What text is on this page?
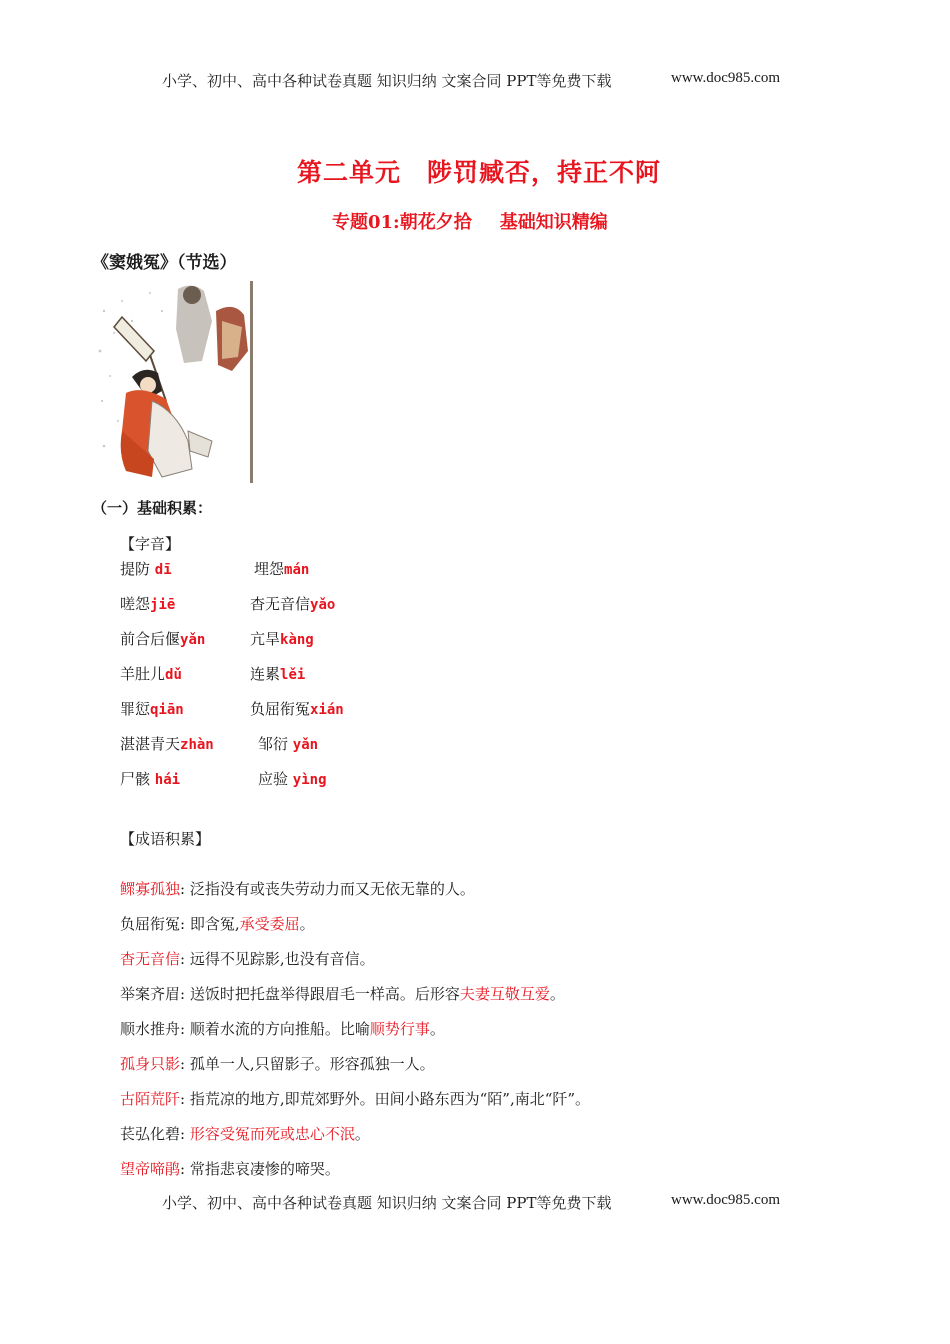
小学、初中、高中各种试卷真题 知识归纳 文案合同 PPT等免费下载	www.doc985.com
第二单元 陟罚臧否，持正不阿
专题01:朝花夕拾 基础知识精编
《窦娥冤》（节选）
（一）基础积累：
【字音】
提防 dī	埋怨mán
嗟怨jiē	杳无音信yǎo
前合后偃yǎn	亢旱kàng
羊肚儿dǔ	连累lěi
罪愆qiān	负屈衔冤xián
湛湛青天zhàn	邹衍 yǎn
尸骸 hái	应验 yìng
【成语积累】
鳏寡孤独: 泛指没有或丧失劳动力而又无依无靠的人。
负屈衔冤: 即含冤,承受委屈。
杳无音信: 远得不见踪影,也没有音信。
举案齐眉: 送饭时把托盘举得跟眉毛一样高。后形容夫妻互敬互爱。
顺水推舟: 顺着水流的方向推船。比喻顺势行事。
孤身只影: 孤单一人,只留影子。形容孤独一人。
古陌荒阡: 指荒凉的地方,即荒郊野外。田间小路东西为“陌”,南北“阡”。
苌弘化碧: 形容受冤而死或忠心不泯。
望帝啼鹃: 常指悲哀凄惨的啼哭。
小学、初中、高中各种试卷真题 知识归纳 文案合同 PPT等免费下载	www.doc985.com
